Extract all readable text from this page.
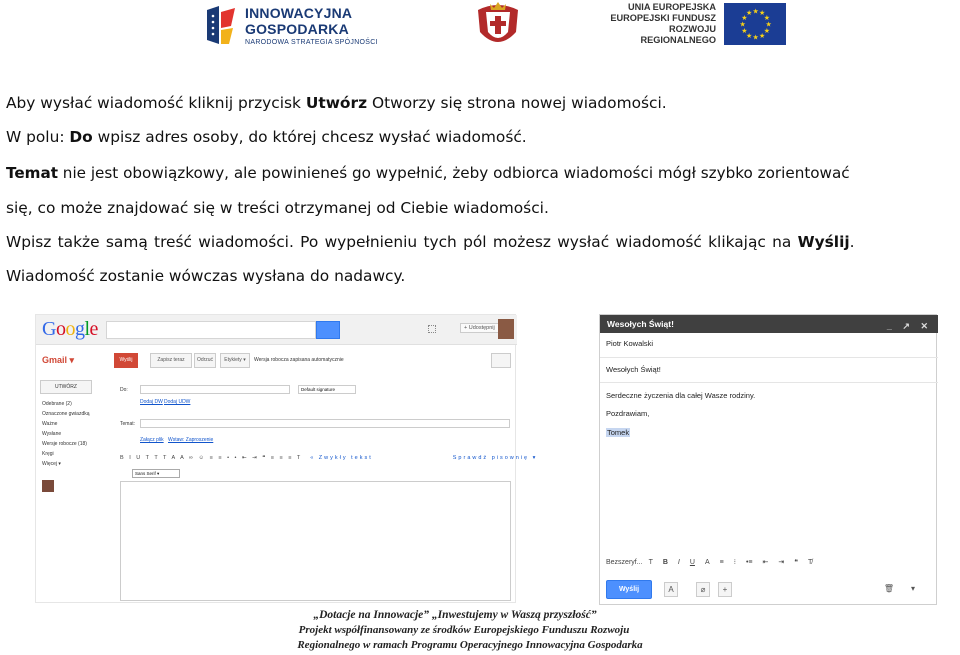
INNOWACYJNA GOSPODARKA
NARODOWA STRATEGIA SPÓJNOŚCI
UNIA EUROPEJSKA
EUROPEJSKI FUNDUSZ
ROZWOJU REGIONALNEGO
★
★
★
★
★
★
★
★
★ ★ ★
★
Aby wysłać wiadomość kliknij przycisk Utwórz Otworzy się strona nowej wiadomości.
W polu: Do wpisz adres osoby, do której chcesz wysłać wiadomość.
Temat nie jest obowiązkowy, ale powinieneś go wypełnić, żeby odbiorca wiadomości mógł szybko zorientować
się, co może znajdować się w treści otrzymanej od Ciebie wiadomości.
Wpisz także samą treść wiadomości. Po wypełnieniu tych pól możesz wysłać wiadomość klikając na Wyślij.
Wiadomość zostanie wówczas wysłana do nadawcy.
Google	+ Udostępnij
Gmail ▾	Wyślij	Zapisz teraz	Odrzuć	Etykiety ▾	Wersja robocza zapisana automatycznie
UTWÓRZ
Odebrane (2)
Oznaczone gwiazdką
Ważne
Wysłane
Wersje robocze (18)
Kręgi
Więcej ▾
Do:	Default signature
Dodaj DW Dodaj UDW
Temat:
Załącz plik Wstaw: Zaproszenie
B I U T T T A A ∞ ☺ ≡ ≡ • • ⇤ ⇥ ❝ ≡ ≡ ≡ T « Zwykły tekst	Sprawdź pisownię ▾
Sans Serif ▾
Wesołych Świąt!	_ ↗ ✕
Piotr Kowalski
Wesołych Świąt!
Serdeczne życzenia dla całej Wasze rodziny.
Pozdrawiam,
Tomek
Bezszeryf... T B I U A ≡ ⁝ •≡ ⇤ ⇥ ❝ T̸
Wyślij	A	⌀	+	🗑	▾
„Dotacje na Innowacje” „Inwestujemy w Waszą przyszłość”
Projekt współfinansowany ze środków Europejskiego Funduszu Rozwoju
Regionalnego w ramach Programu Operacyjnego Innowacyjna Gospodarka
